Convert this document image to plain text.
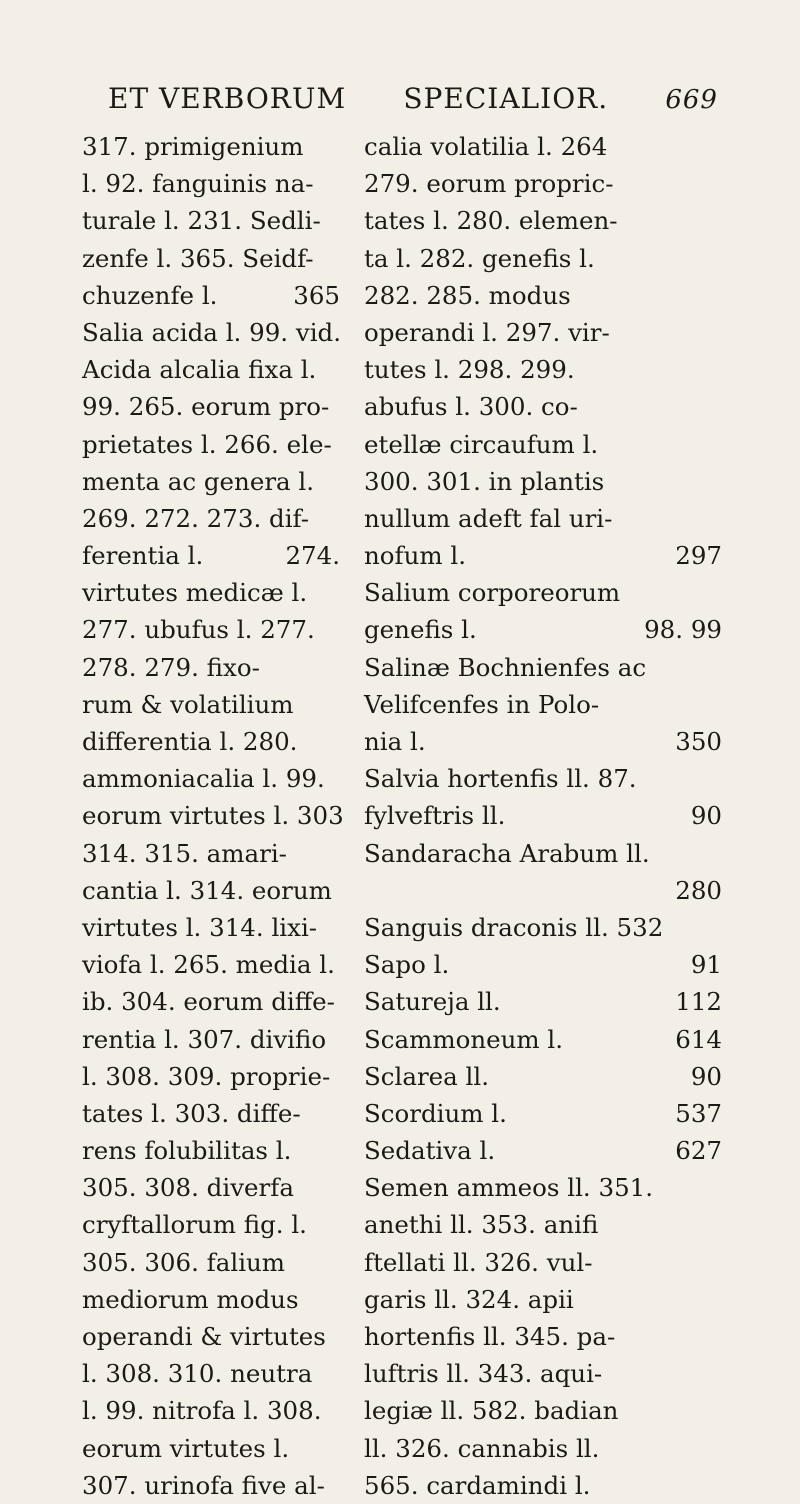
ET VERBORUM SPECIALIOR. 669
317. primigenium
l. 92. fanguinis na-
turale l. 231. Sedli-
zenfe l. 365. Seidf-
chuzenfe l.	365
Salia acida l. 99. vid.
Acida alcalia fixa l.
99. 265. eorum pro-
prietates l. 266. ele-
menta ac genera l.
269. 272. 273. dif-
ferentia l.	274.
virtutes medicæ l.
277. ubufus l. 277.
278. 279. fixo-
rum & volatilium
differentia l. 280.
ammoniacalia l. 99.
eorum virtutes l. 303
314. 315. amari-
cantia l. 314. eorum
virtutes l. 314. lixi-
viofa l. 265. media l.
ib. 304. eorum diffe-
rentia l. 307. divifio
l. 308. 309. proprie-
tates l. 303. diffe-
rens folubilitas l.
305. 308. diverfa
cryftallorum fig. l.
305. 306. falium
mediorum modus
operandi & virtutes
l. 308. 310. neutra
l. 99. nitrofa l. 308.
eorum virtutes l.
307. urinofa five al-
calia volatilia l. 264
279. eorum propric-
tates l. 280. elemen-
ta l. 282. genefis l.
282. 285. modus
operandi l. 297. vir-
tutes l. 298. 299.
abufus l. 300. co-
etellæ circaufum l.
300. 301. in plantis
nullum adeft fal uri-
nofum l.	297
Salium corporeorum
genefis l.	98. 99
Salinæ Bochnienfes ac
Velifcenfes in Polo-
nia l.	350
Salvia hortenfis ll. 87.
fylveftris ll.	90
Sandaracha Arabum ll.
280
Sanguis draconis ll. 532
Sapo l.	91
Satureja ll.	112
Scammoneum l.	614
Sclarea ll.	90
Scordium l.	537
Sedativa l.	627
Semen ammeos ll. 351.
anethi ll. 353. anifi
ftellati ll. 326. vul-
garis ll. 324. apii
hortenfis ll. 345. pa-
luftris ll. 343. aqui-
legiæ ll. 582. badian
ll. 326. cannabis ll.
565. cardamindi l.
